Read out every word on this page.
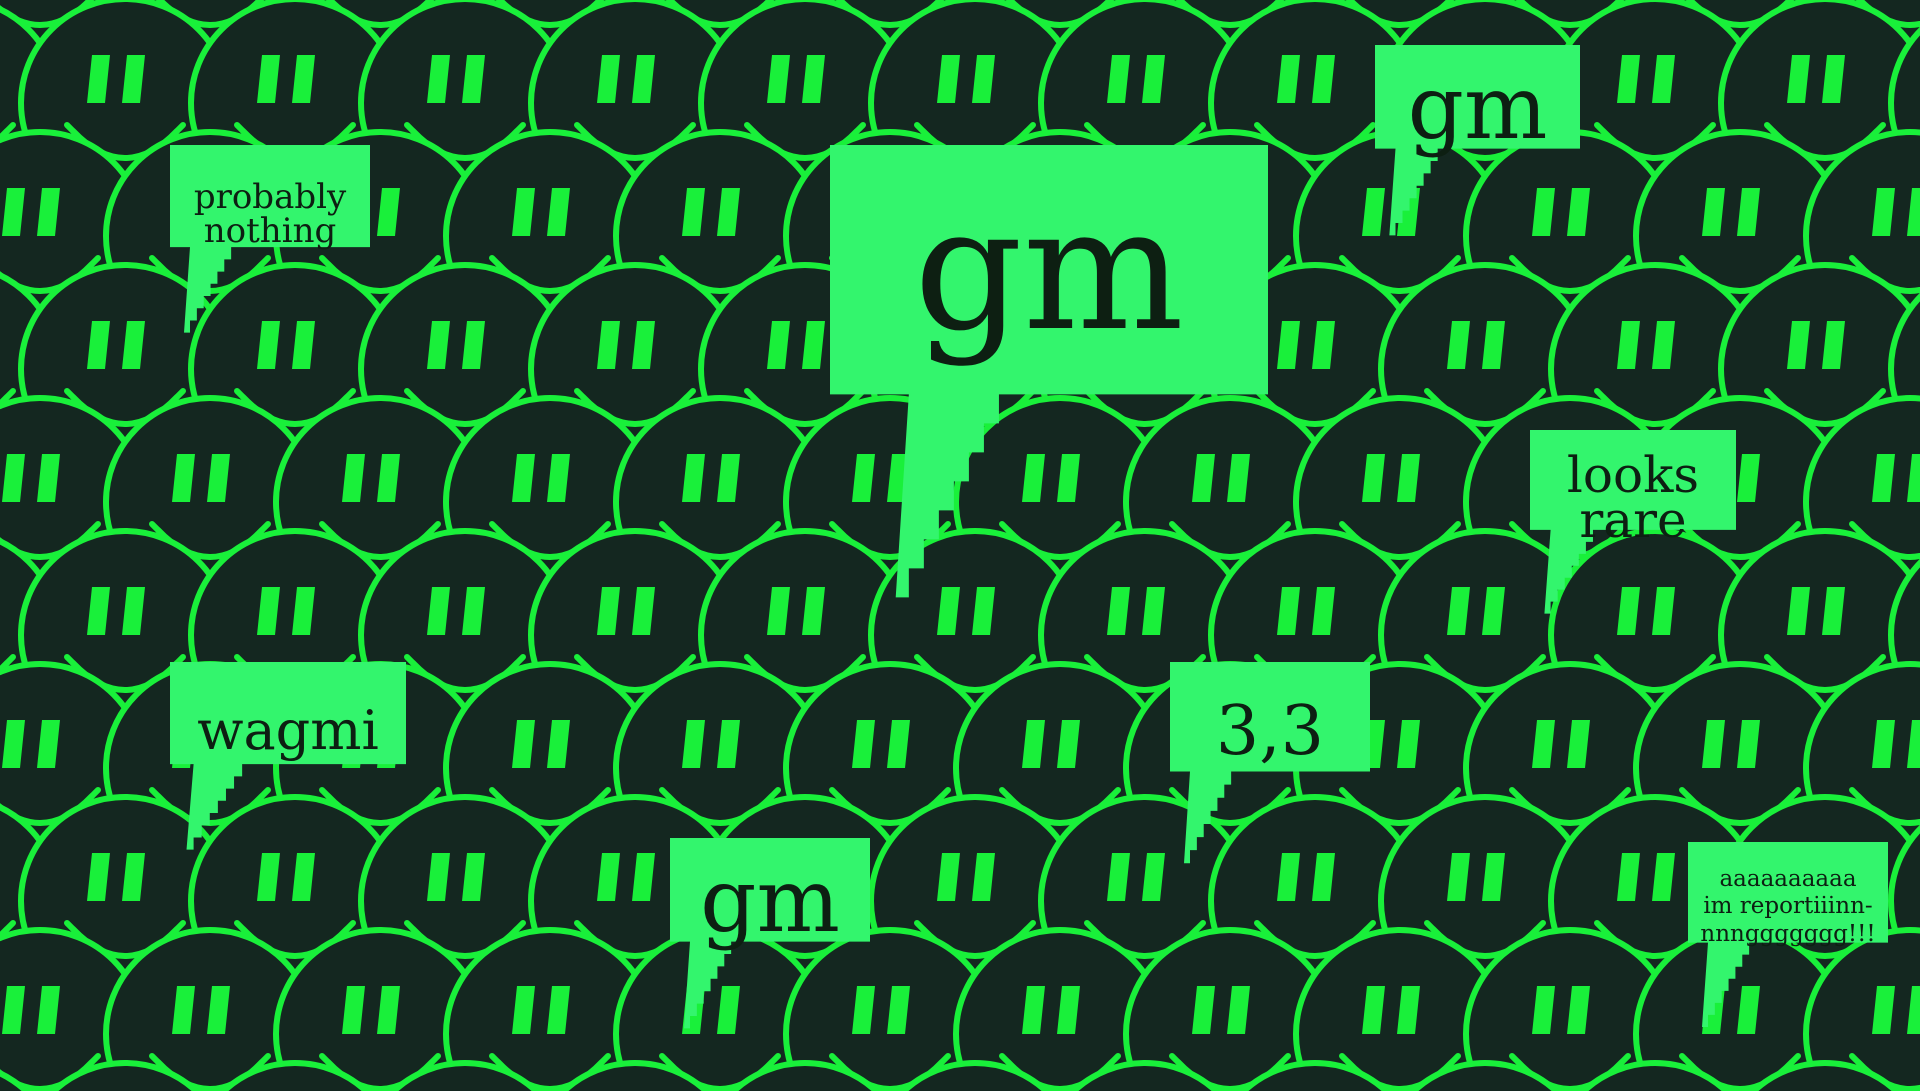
probably
nothing	gm
gm
looks
rare
wagmi
gm
3,3
aaaaaaaaaa
im reportiiinn-
nnnggggggg!!!
